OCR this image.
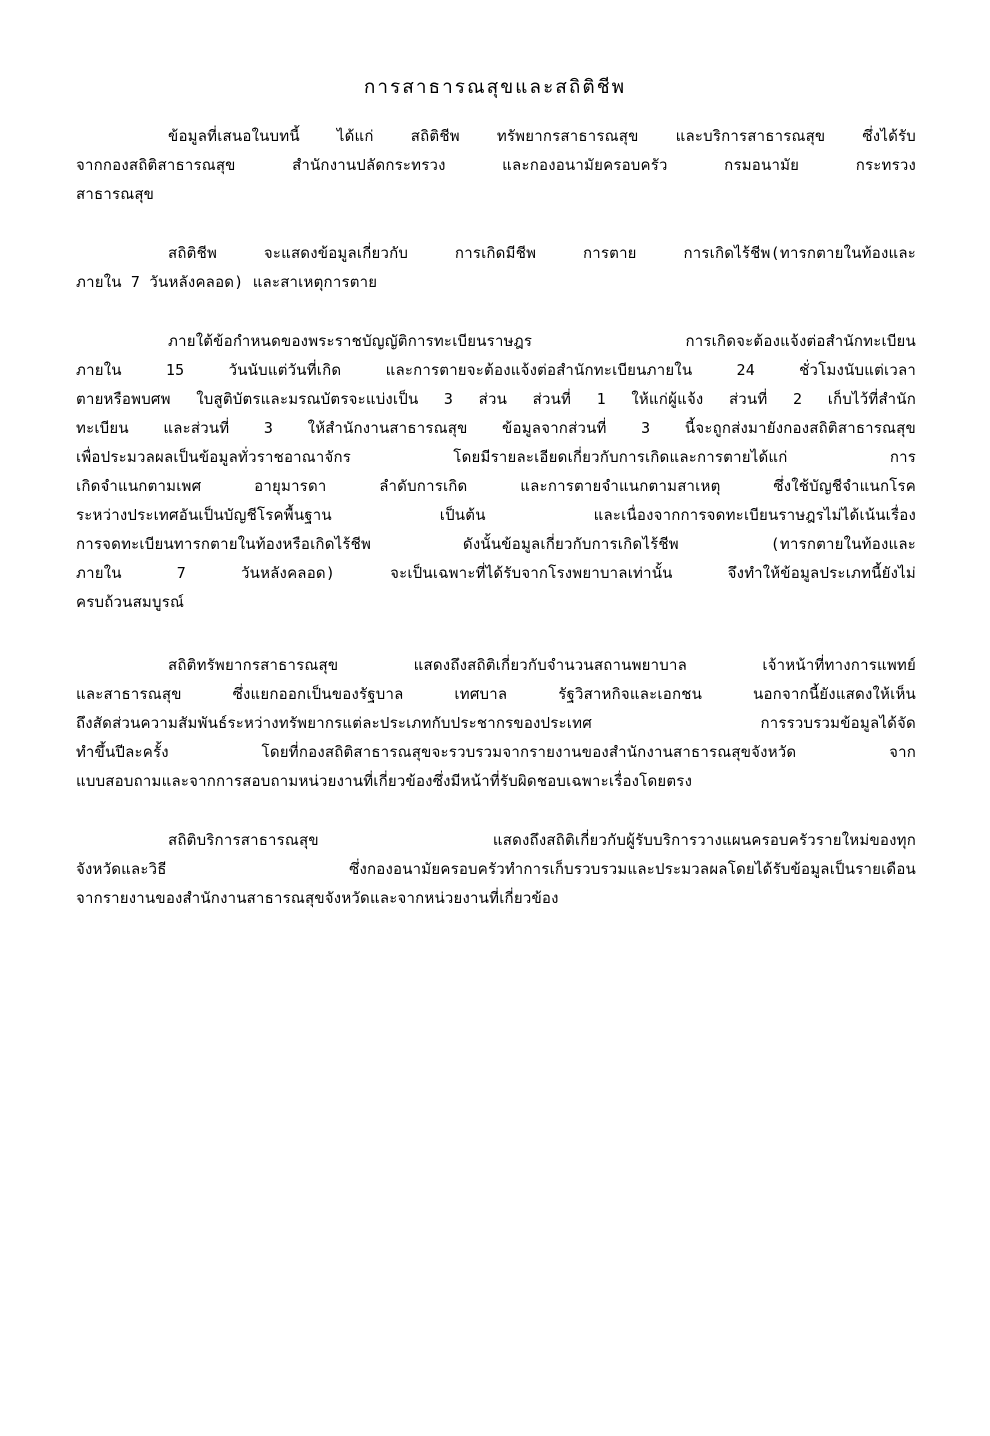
การสาธารณสุขและสถิติชีพ
ข้อมูลที่เสนอในบทนี้ ได้แก่ สถิติชีพ ทรัพยากรสาธารณสุข และบริการสาธารณสุข ซึ่งได้รับ
จากกองสถิติสาธารณสุข สำนักงานปลัดกระทรวง และกองอนามัยครอบครัว กรมอนามัย กระทรวง
สาธารณสุข
สถิติชีพ จะแสดงข้อมูลเกี่ยวกับ การเกิดมีชีพ การตาย การเกิดไร้ชีพ(ทารกตายในท้องและ
ภายใน 7 วันหลังคลอด) และสาเหตุการตาย
ภายใต้ข้อกำหนดของพระราชบัญญัติการทะเบียนราษฎร การเกิดจะต้องแจ้งต่อสำนักทะเบียน
ภายใน 15 วันนับแต่วันที่เกิด และการตายจะต้องแจ้งต่อสำนักทะเบียนภายใน 24 ชั่วโมงนับแต่เวลา
ตายหรือพบศพ ใบสูติบัตรและมรณบัตรจะแบ่งเป็น 3 ส่วน ส่วนที่ 1 ให้แก่ผู้แจ้ง ส่วนที่ 2 เก็บไว้ที่สำนัก
ทะเบียน และส่วนที่ 3 ให้สำนักงานสาธารณสุข ข้อมูลจากส่วนที่ 3 นี้จะถูกส่งมายังกองสถิติสาธารณสุข
เพื่อประมวลผลเป็นข้อมูลทั่วราชอาณาจักร โดยมีรายละเอียดเกี่ยวกับการเกิดและการตายได้แก่ การ
เกิดจำแนกตามเพศ อายุมารดา ลำดับการเกิด และการตายจำแนกตามสาเหตุ ซึ่งใช้บัญชีจำแนกโรค
ระหว่างประเทศอันเป็นบัญชีโรคพื้นฐาน เป็นต้น และเนื่องจากการจดทะเบียนราษฎรไม่ได้เน้นเรื่อง
การจดทะเบียนทารกตายในท้องหรือเกิดไร้ชีพ ดังนั้นข้อมูลเกี่ยวกับการเกิดไร้ชีพ (ทารกตายในท้องและ
ภายใน 7 วันหลังคลอด) จะเป็นเฉพาะที่ได้รับจากโรงพยาบาลเท่านั้น จึงทำให้ข้อมูลประเภทนี้ยังไม่
ครบถ้วนสมบูรณ์
สถิติทรัพยากรสาธารณสุข แสดงถึงสถิติเกี่ยวกับจำนวนสถานพยาบาล เจ้าหน้าที่ทางการแพทย์
และสาธารณสุข ซึ่งแยกออกเป็นของรัฐบาล เทศบาล รัฐวิสาหกิจและเอกชน นอกจากนี้ยังแสดงให้เห็น
ถึงสัดส่วนความสัมพันธ์ระหว่างทรัพยากรแต่ละประเภทกับประชากรของประเทศ การรวบรวมข้อมูลได้จัด
ทำขึ้นปีละครั้ง โดยที่กองสถิติสาธารณสุขจะรวบรวมจากรายงานของสำนักงานสาธารณสุขจังหวัด จาก
แบบสอบถามและจากการสอบถามหน่วยงานที่เกี่ยวข้องซึ่งมีหน้าที่รับผิดชอบเฉพาะเรื่องโดยตรง
สถิติบริการสาธารณสุข แสดงถึงสถิติเกี่ยวกับผู้รับบริการวางแผนครอบครัวรายใหม่ของทุก
จังหวัดและวิธี ซึ่งกองอนามัยครอบครัวทำการเก็บรวบรวมและประมวลผลโดยได้รับข้อมูลเป็นรายเดือน
จากรายงานของสำนักงานสาธารณสุขจังหวัดและจากหน่วยงานที่เกี่ยวข้อง
